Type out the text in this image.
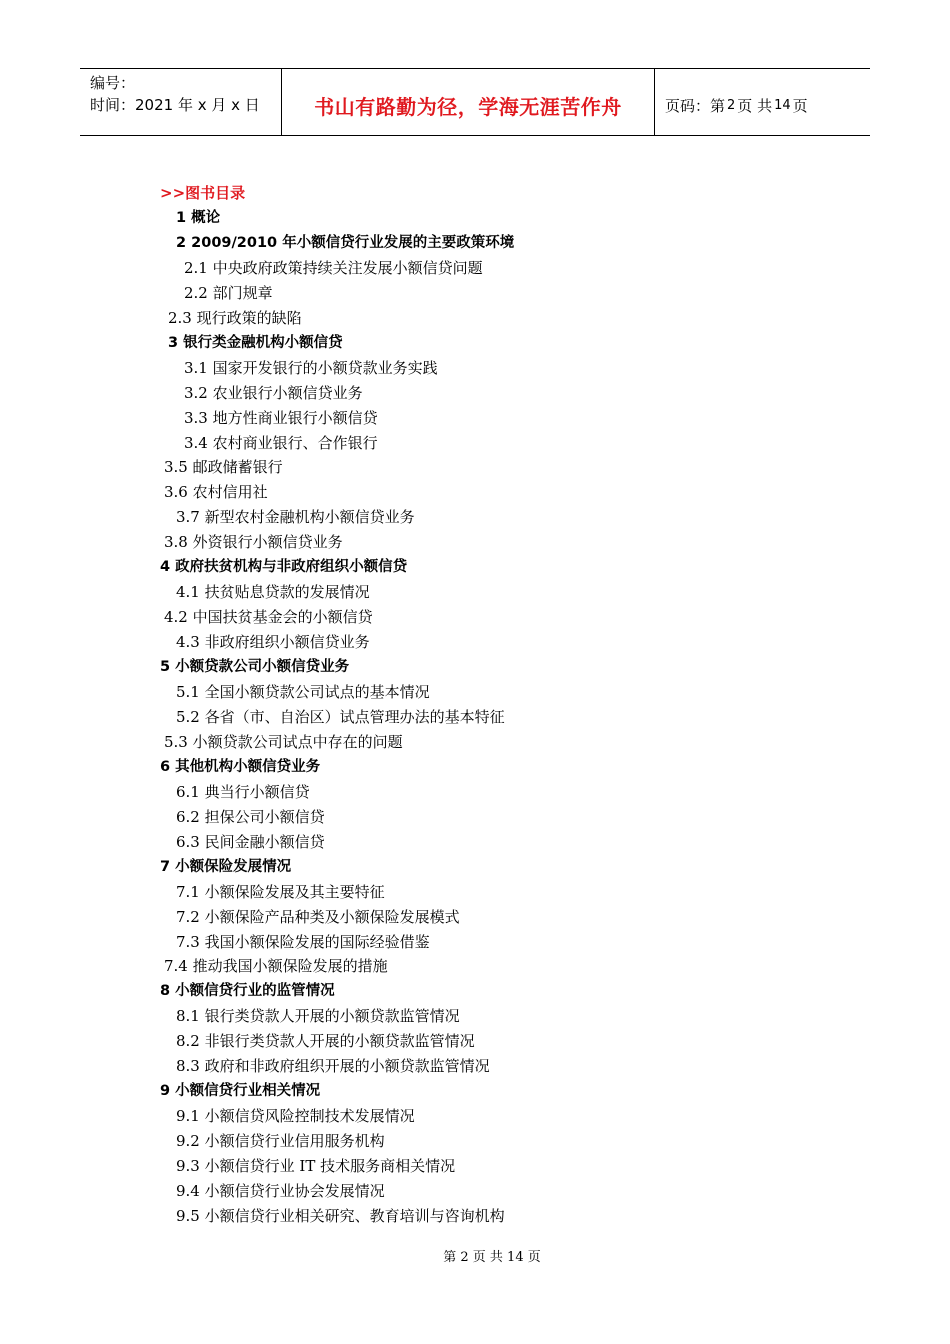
编号：
时间：2021 年 x 月 x 日	书山有路勤为径，学海无涯苦作舟	页码：第 2 页 共 14 页
>>图书目录
1 概论
2 2009/2010 年小额信贷行业发展的主要政策环境
2.1 中央政府政策持续关注发展小额信贷问题
2.2 部门规章
2.3 现行政策的缺陷
3 银行类金融机构小额信贷
3.1 国家开发银行的小额贷款业务实践
3.2 农业银行小额信贷业务
3.3 地方性商业银行小额信贷
3.4 农村商业银行、合作银行
3.5 邮政储蓄银行
3.6 农村信用社
3.7 新型农村金融机构小额信贷业务
3.8 外资银行小额信贷业务
4 政府扶贫机构与非政府组织小额信贷
4.1 扶贫贴息贷款的发展情况
4.2 中国扶贫基金会的小额信贷
4.3 非政府组织小额信贷业务
5 小额贷款公司小额信贷业务
5.1 全国小额贷款公司试点的基本情况
5.2 各省（市、自治区）试点管理办法的基本特征
5.3 小额贷款公司试点中存在的问题
6 其他机构小额信贷业务
6.1 典当行小额信贷
6.2 担保公司小额信贷
6.3 民间金融小额信贷
7 小额保险发展情况
7.1 小额保险发展及其主要特征
7.2 小额保险产品种类及小额保险发展模式
7.3 我国小额保险发展的国际经验借鉴
7.4 推动我国小额保险发展的措施
8 小额信贷行业的监管情况
8.1 银行类贷款人开展的小额贷款监管情况
8.2 非银行类贷款人开展的小额贷款监管情况
8.3 政府和非政府组织开展的小额贷款监管情况
9 小额信贷行业相关情况
9.1 小额信贷风险控制技术发展情况
9.2 小额信贷行业信用服务机构
9.3 小额信贷行业 IT 技术服务商相关情况
9.4 小额信贷行业协会发展情况
9.5 小额信贷行业相关研究、教育培训与咨询机构
第 2 页 共 14 页
